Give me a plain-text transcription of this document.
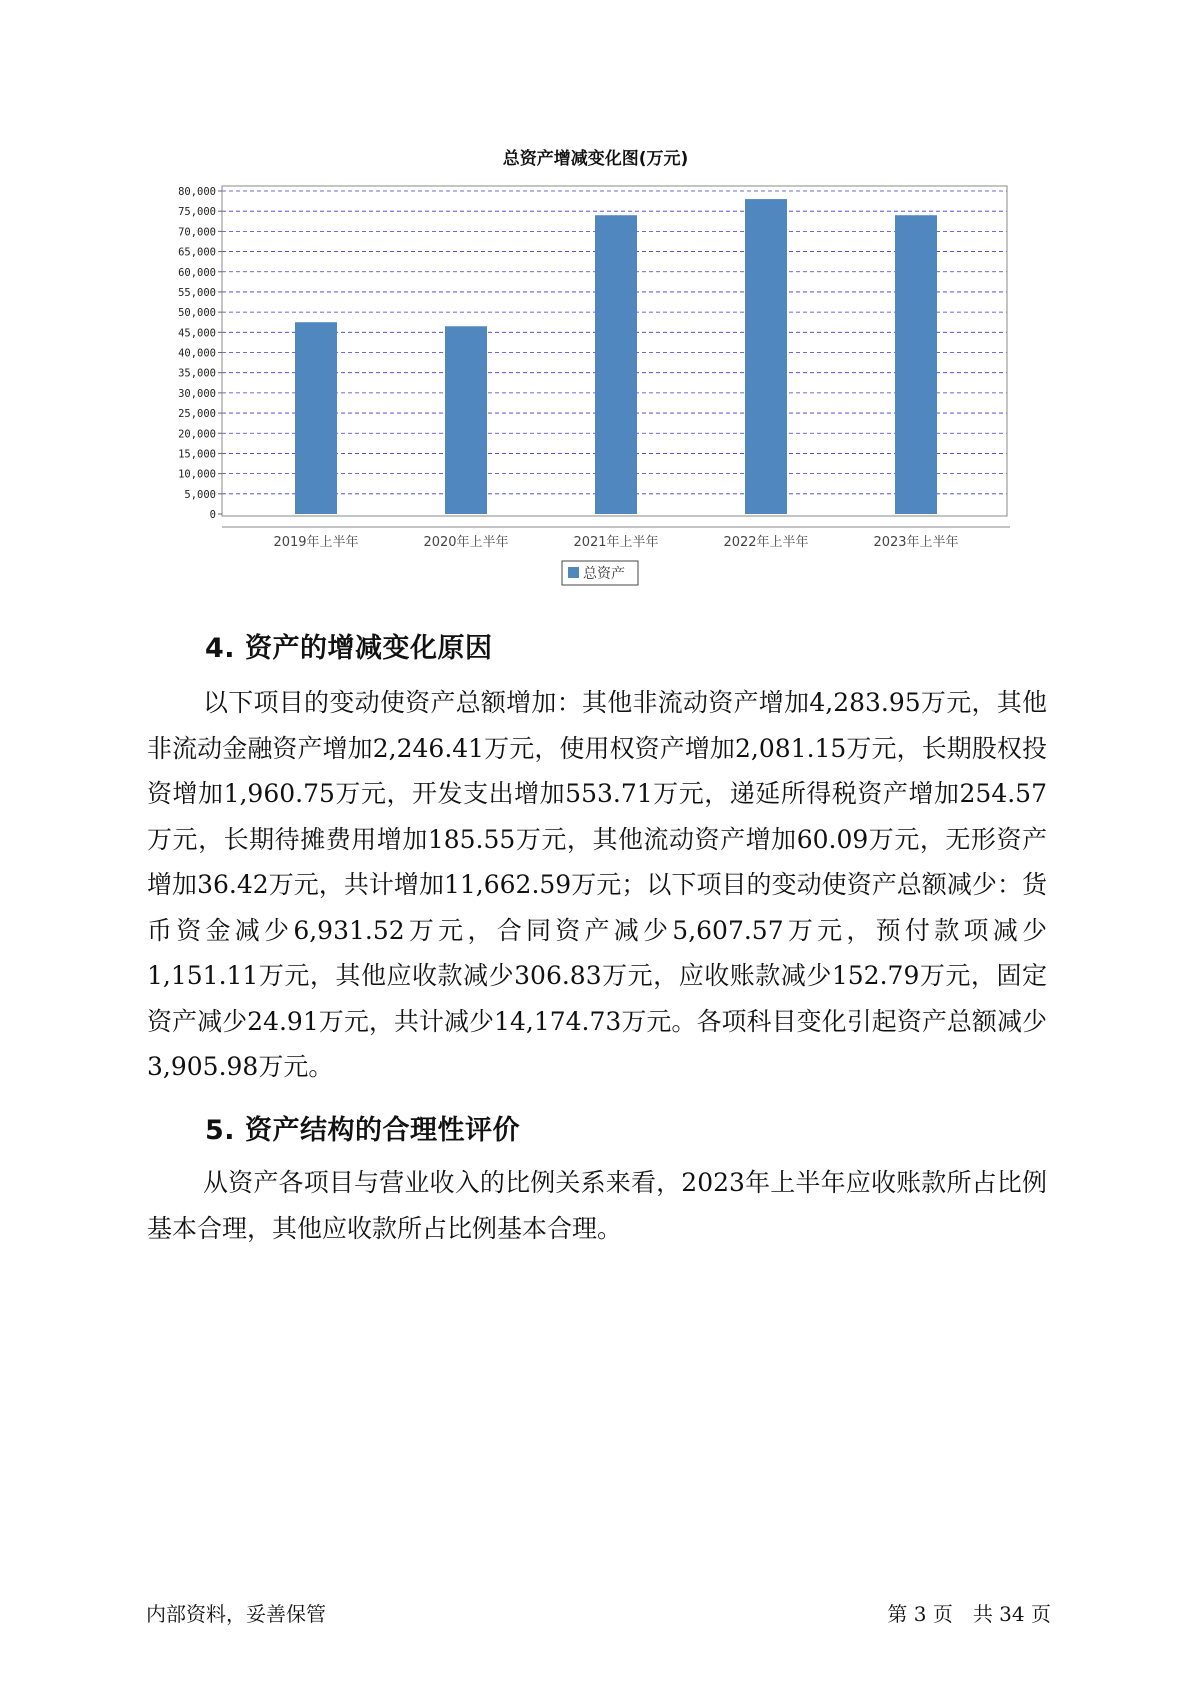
总资产增减变化图(万元)
0
5,000
10,000
15,000
20,000
25,000
30,000
35,000
40,000
45,000
50,000
55,000
60,000
65,000
70,000
75,000
80,000
2019年上半年	2020年上半年	2021年上半年	2022年上半年	2023年上半年
总资产
4. 资产的增减变化原因

以下项目的变动使资产总额增加：其他非流动资产增加4,283.95万元，其他非流动金融资产增加2,246.41万元，使用权资产增加2,081.15万元，长期股权投资增加1,960.75万元，开发支出增加553.71万元，递延所得税资产增加254.57万元，长期待摊费用增加185.55万元，其他流动资产增加60.09万元，无形资产增加36.42万元，共计增加11,662.59万元；以下项目的变动使资产总额减少：货币资金减少6,931.52万元，合同资产减少5,607.57万元，预付款项减少1,151.11万元，其他应收款减少306.83万元，应收账款减少152.79万元，固定资产减少24.91万元，共计减少14,174.73万元。各项科目变化引起资产总额减少3,905.98万元。

5. 资产结构的合理性评价

从资产各项目与营业收入的比例关系来看，2023年上半年应收账款所占比例基本合理，其他应收款所占比例基本合理。

内部资料，妥善保管	第 3 页　共 34 页
